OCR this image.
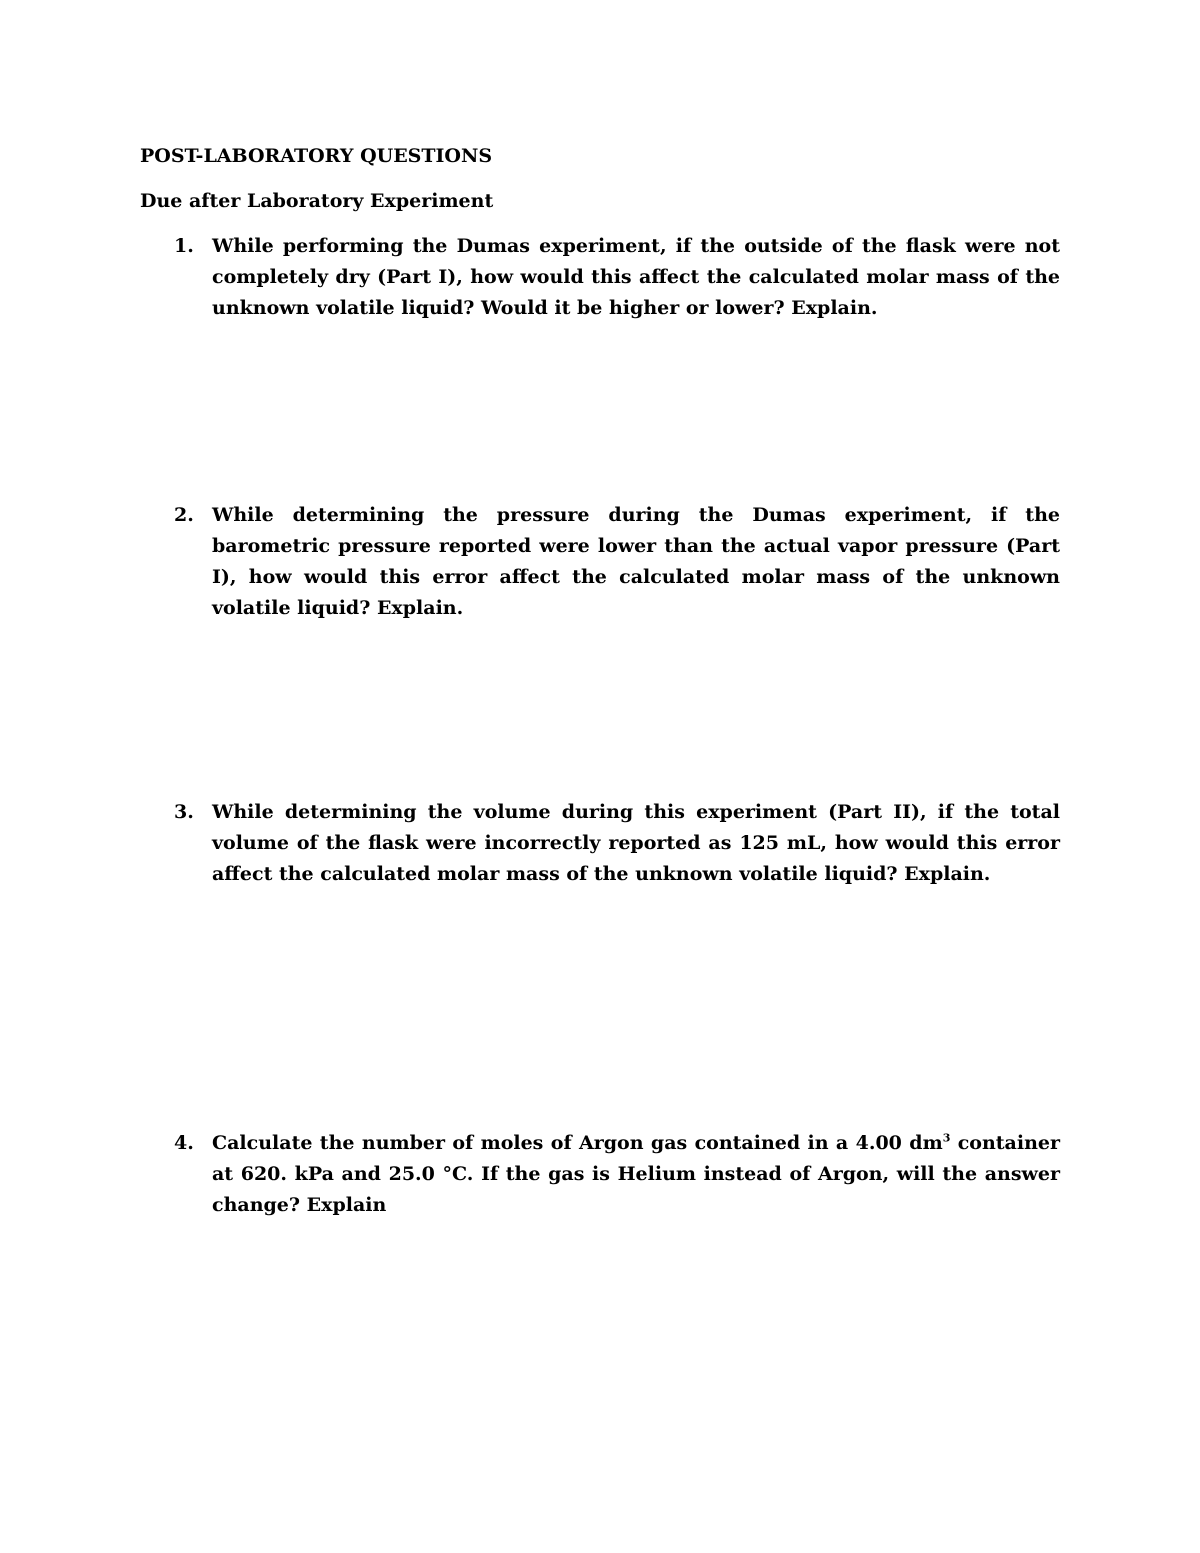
POST-LABORATORY QUESTIONS
Due after Laboratory Experiment
1. While performing the Dumas experiment, if the outside of the flask were not completely dry (Part I), how would this affect the calculated molar mass of the unknown volatile liquid? Would it be higher or lower? Explain.

2. While determining the pressure during the Dumas experiment, if the barometric pressure reported were lower than the actual vapor pressure (Part I), how would this error affect the calculated molar mass of the unknown volatile liquid? Explain.

3. While determining the volume during this experiment (Part II), if the total volume of the flask were incorrectly reported as 125 mL, how would this error affect the calculated molar mass of the unknown volatile liquid? Explain.

4. Calculate the number of moles of Argon gas contained in a 4.00 $dm^3$ container at 620. kPa and 25.0 °C. If the gas is Helium instead of Argon, will the answer change? Explain
